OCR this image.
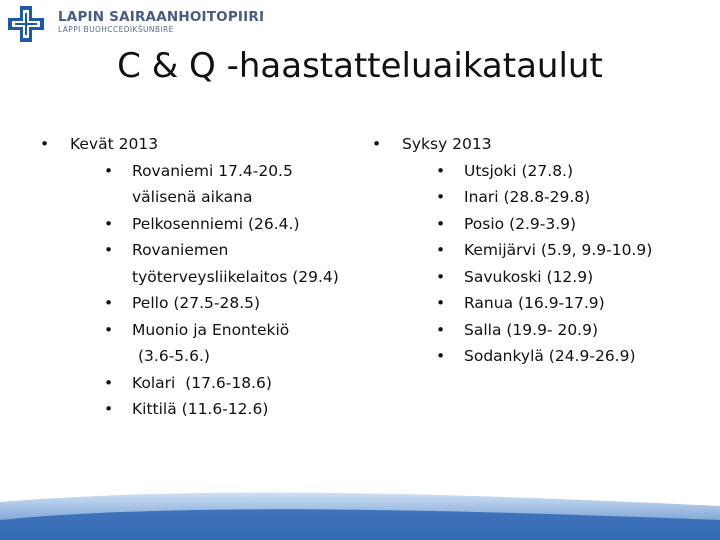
LAPIN SAIRAANHOITOPIIRI
LAPPI BUOHCCEDIKŠUNBIRE
C & Q -haastatteluaikataulut
• Kevät 2013
• Rovaniemi 17.4-20.5
välisenä aikana
• Pelkosenniemi (26.4.)
• Rovaniemen
työterveysliikelaitos (29.4)
• Pello (27.5-28.5)
• Muonio ja Enontekiö
(3.6-5.6.)
• Kolari  (17.6-18.6)
• Kittilä (11.6-12.6)
• Syksy 2013
• Utsjoki (27.8.)
• Inari (28.8-29.8)
• Posio (2.9-3.9)
• Kemijärvi (5.9, 9.9-10.9)
• Savukoski (12.9)
• Ranua (16.9-17.9)
• Salla (19.9- 20.9)
• Sodankylä (24.9-26.9)
